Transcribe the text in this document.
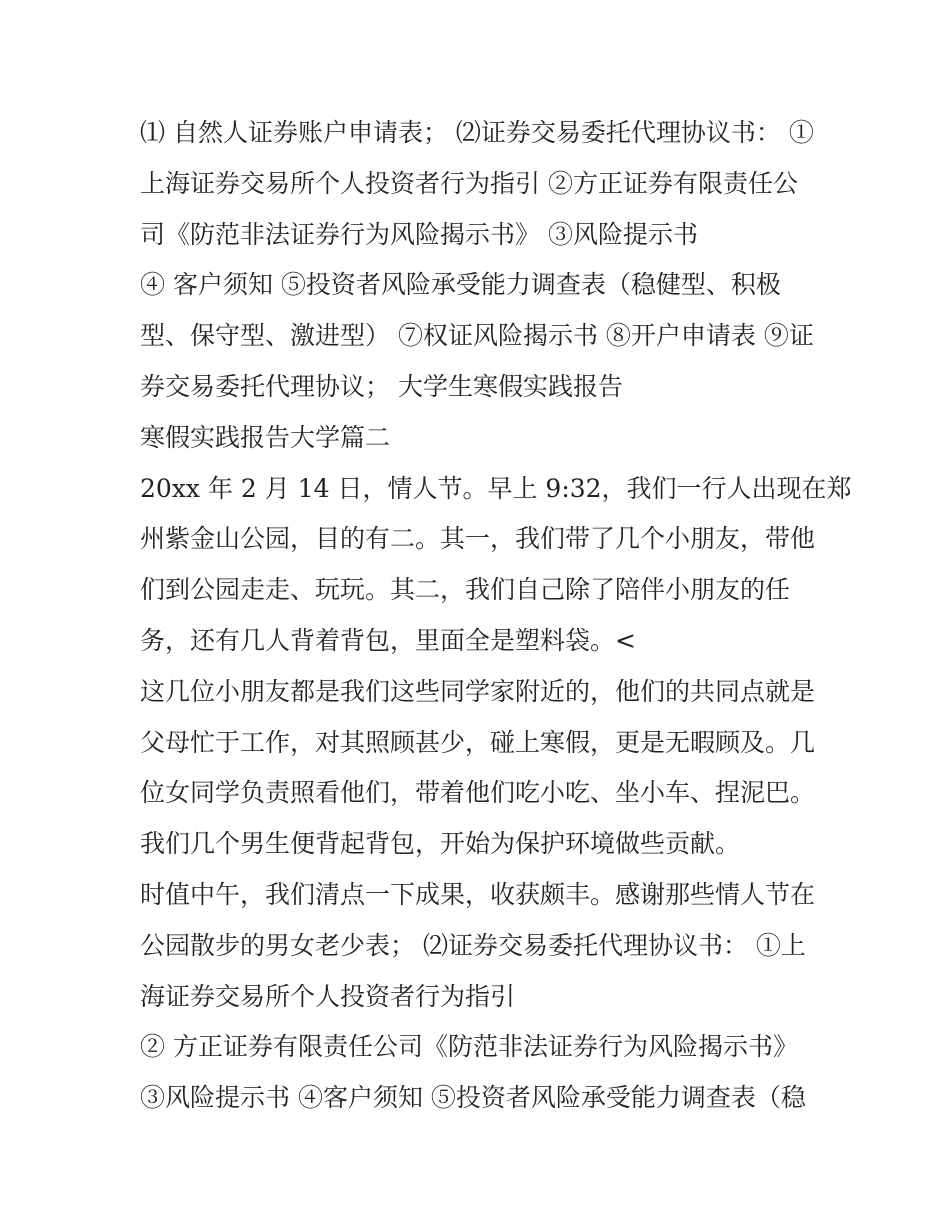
⑴ 自然人证券账户申请表； ⑵证券交易委托代理协议书： ①
上海证券交易所个人投资者行为指引 ②方正证券有限责任公
司《防范非法证券行为风险揭示书》 ③风险提示书
④ 客户须知 ⑤投资者风险承受能力调查表（稳健型、积极
型、保守型、激进型） ⑦权证风险揭示书 ⑧开户申请表 ⑨证
券交易委托代理协议； 大学生寒假实践报告
寒假实践报告大学篇二
20xx 年 2 月 14 日，情人节。早上 9:32，我们一行人出现在郑
州紫金山公园，目的有二。其一，我们带了几个小朋友，带他
们到公园走走、玩玩。其二，我们自己除了陪伴小朋友的任
务，还有几人背着背包，里面全是塑料袋。<
这几位小朋友都是我们这些同学家附近的，他们的共同点就是
父母忙于工作，对其照顾甚少，碰上寒假，更是无暇顾及。几
位女同学负责照看他们，带着他们吃小吃、坐小车、捏泥巴。
我们几个男生便背起背包，开始为保护环境做些贡献。
时值中午，我们清点一下成果，收获颇丰。感谢那些情人节在
公园散步的男女老少表； ⑵证券交易委托代理协议书： ①上
海证券交易所个人投资者行为指引
② 方正证券有限责任公司《防范非法证券行为风险揭示书》
③风险提示书 ④客户须知 ⑤投资者风险承受能力调查表（稳
